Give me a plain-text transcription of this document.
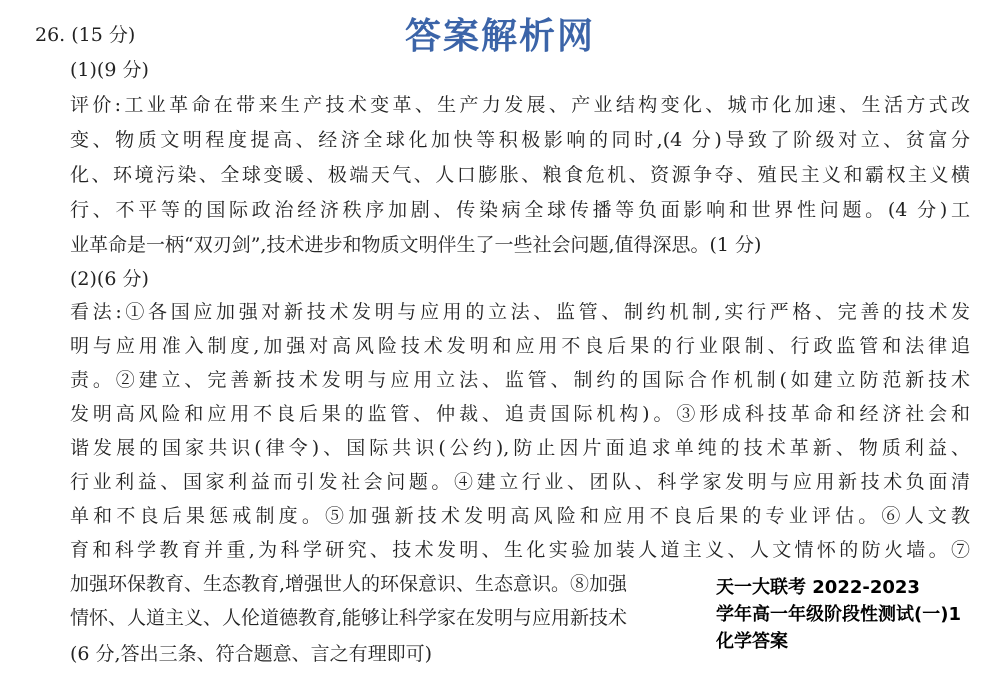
26. (15 分)	答案解析网
(1)(9 分)
评价:工业革命在带来生产技术变革、生产力发展、产业结构变化、城市化加速、生活方式改
变、物质文明程度提高、经济全球化加快等积极影响的同时,(4 分)导致了阶级对立、贫富分
化、环境污染、全球变暖、极端天气、人口膨胀、粮食危机、资源争夺、殖民主义和霸权主义横
行、不平等的国际政治经济秩序加剧、传染病全球传播等负面影响和世界性问题。(4 分)工
业革命是一柄“双刃剑”,技术进步和物质文明伴生了一些社会问题,值得深思。(1 分)
(2)(6 分)
看法:①各国应加强对新技术发明与应用的立法、监管、制约机制,实行严格、完善的技术发
明与应用准入制度,加强对高风险技术发明和应用不良后果的行业限制、行政监管和法律追
责。②建立、完善新技术发明与应用立法、监管、制约的国际合作机制(如建立防范新技术
发明高风险和应用不良后果的监管、仲裁、追责国际机构)。③形成科技革命和经济社会和
谐发展的国家共识(律令)、国际共识(公约),防止因片面追求单纯的技术革新、物质利益、
行业利益、国家利益而引发社会问题。④建立行业、团队、科学家发明与应用新技术负面清
单和不良后果惩戒制度。⑤加强新技术发明高风险和应用不良后果的专业评估。⑥人文教
育和科学教育并重,为科学研究、技术发明、生化实验加装人道主义、人文情怀的防火墙。⑦
加强环保教育、生态教育,增强世人的环保意识、生态意识。⑧加强
情怀、人道主义、人伦道德教育,能够让科学家在发明与应用新技术
(6 分,答出三条、符合题意、言之有理即可)
天一大联考 2022-2023
学年高一年级阶段性测试(一)1
化学答案
